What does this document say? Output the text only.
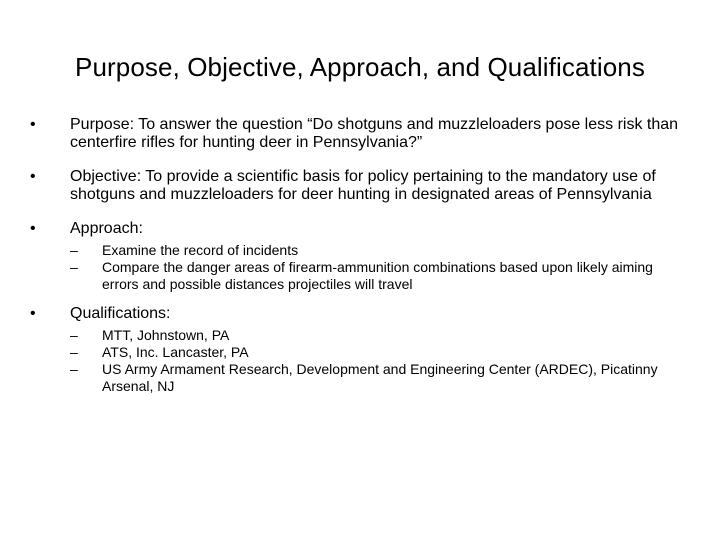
Purpose, Objective, Approach, and Qualifications
• Purpose: To answer the question “Do shotguns and muzzleloaders pose less risk than centerfire rifles for hunting deer in Pennsylvania?”
• Objective: To provide a scientific basis for policy pertaining to the mandatory use of shotguns and muzzleloaders for deer hunting in designated areas of Pennsylvania
• Approach:
– Examine the record of incidents
– Compare the danger areas of firearm-ammunition combinations based upon likely aiming errors and possible distances projectiles will travel
• Qualifications:
– MTT, Johnstown, PA
– ATS, Inc. Lancaster, PA
– US Army Armament Research, Development and Engineering Center (ARDEC), Picatinny Arsenal, NJ
